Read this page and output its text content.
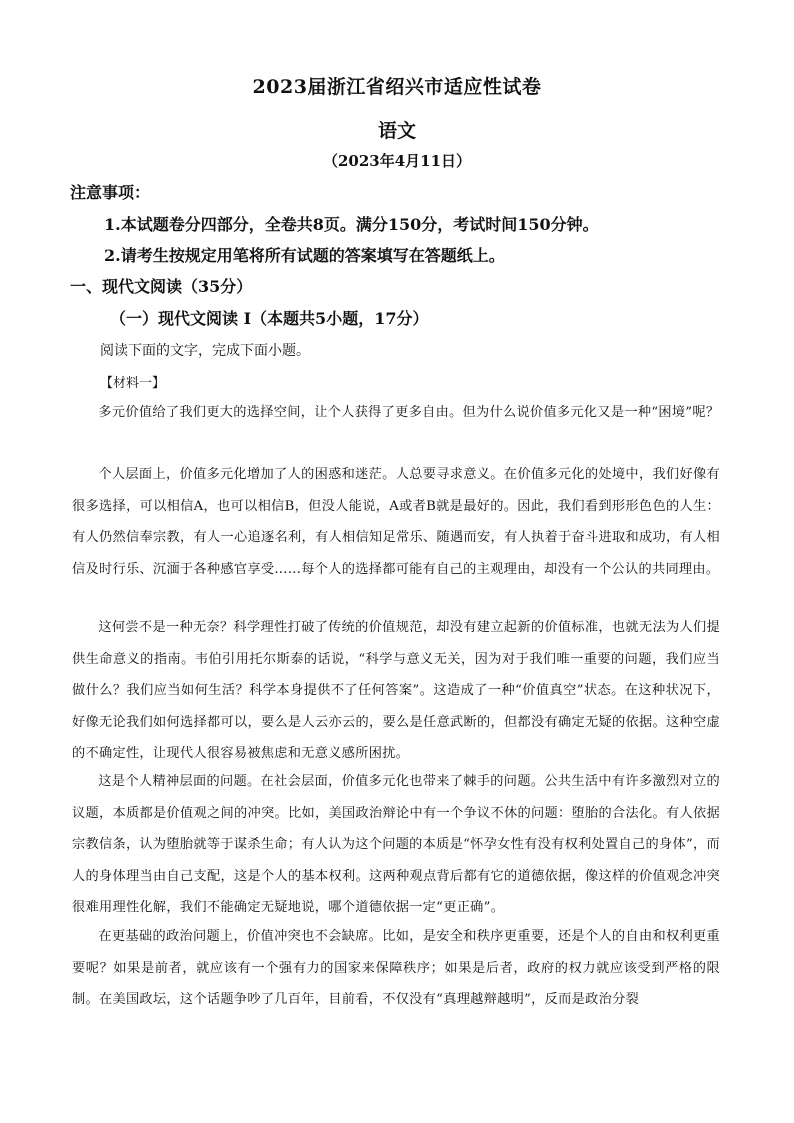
2023届浙江省绍兴市适应性试卷
语文
（2023年4月11日）
注意事项：
1.本试题卷分四部分，全卷共8页。满分150分，考试时间150分钟。
2.请考生按规定用笔将所有试题的答案填写在答题纸上。
一、现代文阅读（35分）
（一）现代文阅读 I（本题共5小题，17分）
阅读下面的文字，完成下面小题。
【材料一】

多元价值给了我们更大的选择空间，让个人获得了更多自由。但为什么说价值多元化又是一种“困境”呢？

个人层面上，价值多元化增加了人的困惑和迷茫。人总要寻求意义。在价值多元化的处境中，我们好像有很多选择，可以相信A，也可以相信B，但没人能说，A或者B就是最好的。因此，我们看到形形色色的人生：有人仍然信奉宗教，有人一心追逐名利，有人相信知足常乐、随遇而安，有人执着于奋斗进取和成功，有人相信及时行乐、沉湎于各种感官享受……每个人的选择都可能有自己的主观理由，却没有一个公认的共同理由。

这何尝不是一种无奈？科学理性打破了传统的价值规范，却没有建立起新的价值标准，也就无法为人们提供生命意义的指南。韦伯引用托尔斯泰的话说，“科学与意义无关，因为对于我们唯一重要的问题，我们应当做什么？我们应当如何生活？科学本身提供不了任何答案”。这造成了一种“价值真空”状态。在这种状况下，好像无论我们如何选择都可以，要么是人云亦云的，要么是任意武断的，但都没有确定无疑的依据。这种空虚的不确定性，让现代人很容易被焦虑和无意义感所困扰。

这是个人精神层面的问题。在社会层面，价值多元化也带来了棘手的问题。公共生活中有许多激烈对立的议题，本质都是价值观之间的冲突。比如，美国政治辩论中有一个争议不休的问题：堕胎的合法化。有人依据宗教信条，认为堕胎就等于谋杀生命；有人认为这个问题的本质是“怀孕女性有没有权利处置自己的身体”，而人的身体理当由自己支配，这是个人的基本权利。这两种观点背后都有它的道德依据，像这样的价值观念冲突很难用理性化解，我们不能确定无疑地说，哪个道德依据一定“更正确”。

在更基础的政治问题上，价值冲突也不会缺席。比如，是安全和秩序更重要，还是个人的自由和权利更重要呢？如果是前者，就应该有一个强有力的国家来保障秩序；如果是后者，政府的权力就应该受到严格的限制。在美国政坛，这个话题争吵了几百年，目前看，不仅没有“真理越辩越明”，反而是政治分裂
